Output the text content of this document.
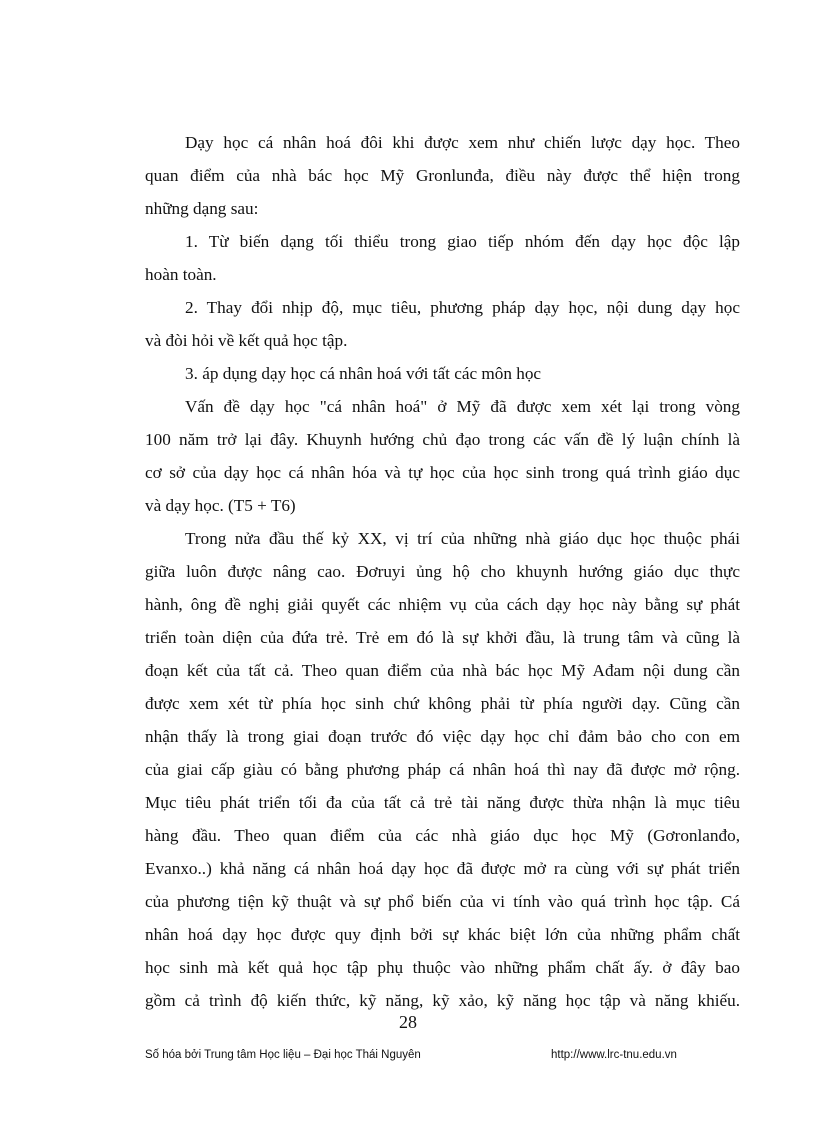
Dạy học cá nhân hoá đôi khi được xem như chiến lược dạy học. Theo
quan điểm của nhà bác học Mỹ Gronlunđa, điều này được thể hiện trong
những dạng sau:
1. Từ biến dạng tối thiểu trong giao tiếp nhóm đến dạy học độc lập
hoàn toàn.
2. Thay đổi nhịp độ, mục tiêu, phương pháp dạy học, nội dung dạy học
và đòi hỏi về kết quả học tập.
3. áp dụng dạy học cá nhân hoá với tất các môn học
Vấn đề dạy học "cá nhân hoá" ở Mỹ đã được xem xét lại trong vòng
100 năm trở lại đây. Khuynh hướng chủ đạo trong các vấn đề lý luận chính là
cơ sở của dạy học cá nhân hóa và tự học của học sinh trong quá trình giáo dục
và dạy học. (T5 + T6)
Trong nửa đầu thế kỷ XX, vị trí của những nhà giáo dục học thuộc phái
giữa luôn được nâng cao. Đơruyi ủng hộ cho khuynh hướng giáo dục thực
hành, ông đề nghị giải quyết các nhiệm vụ của cách dạy học này bằng sự phát
triển toàn diện của đứa trẻ. Trẻ em đó là sự khởi đầu, là trung tâm và cũng là
đoạn kết của tất cả. Theo quan điểm của nhà bác học Mỹ Ađam nội dung cần
được xem xét từ phía học sinh chứ không phải từ phía người dạy. Cũng cần
nhận thấy là trong giai đoạn trước đó việc dạy học chỉ đảm bảo cho con em
của giai cấp giàu có bằng phương pháp cá nhân hoá thì nay đã được mở rộng.
Mục tiêu phát triển tối đa của tất cả trẻ tài năng được thừa nhận là mục tiêu
hàng đầu. Theo quan điểm của các nhà giáo dục học Mỹ (Gơronlanđo,
Evanxo..) khả năng cá nhân hoá dạy học đã được mở ra cùng với sự phát triển
của phương tiện kỹ thuật và sự phổ biến của vi tính vào quá trình học tập. Cá
nhân hoá dạy học được quy định bởi sự khác biệt lớn của những phẩm chất
học sinh mà kết quả học tập phụ thuộc vào những phẩm chất ấy. ở đây bao
gồm cả trình độ kiến thức, kỹ năng, kỹ xảo, kỹ năng học tập và năng khiếu.
28
Số hóa bởi Trung tâm Học liệu – Đại học Thái Nguyên	http://www.lrc-tnu.edu.vn
